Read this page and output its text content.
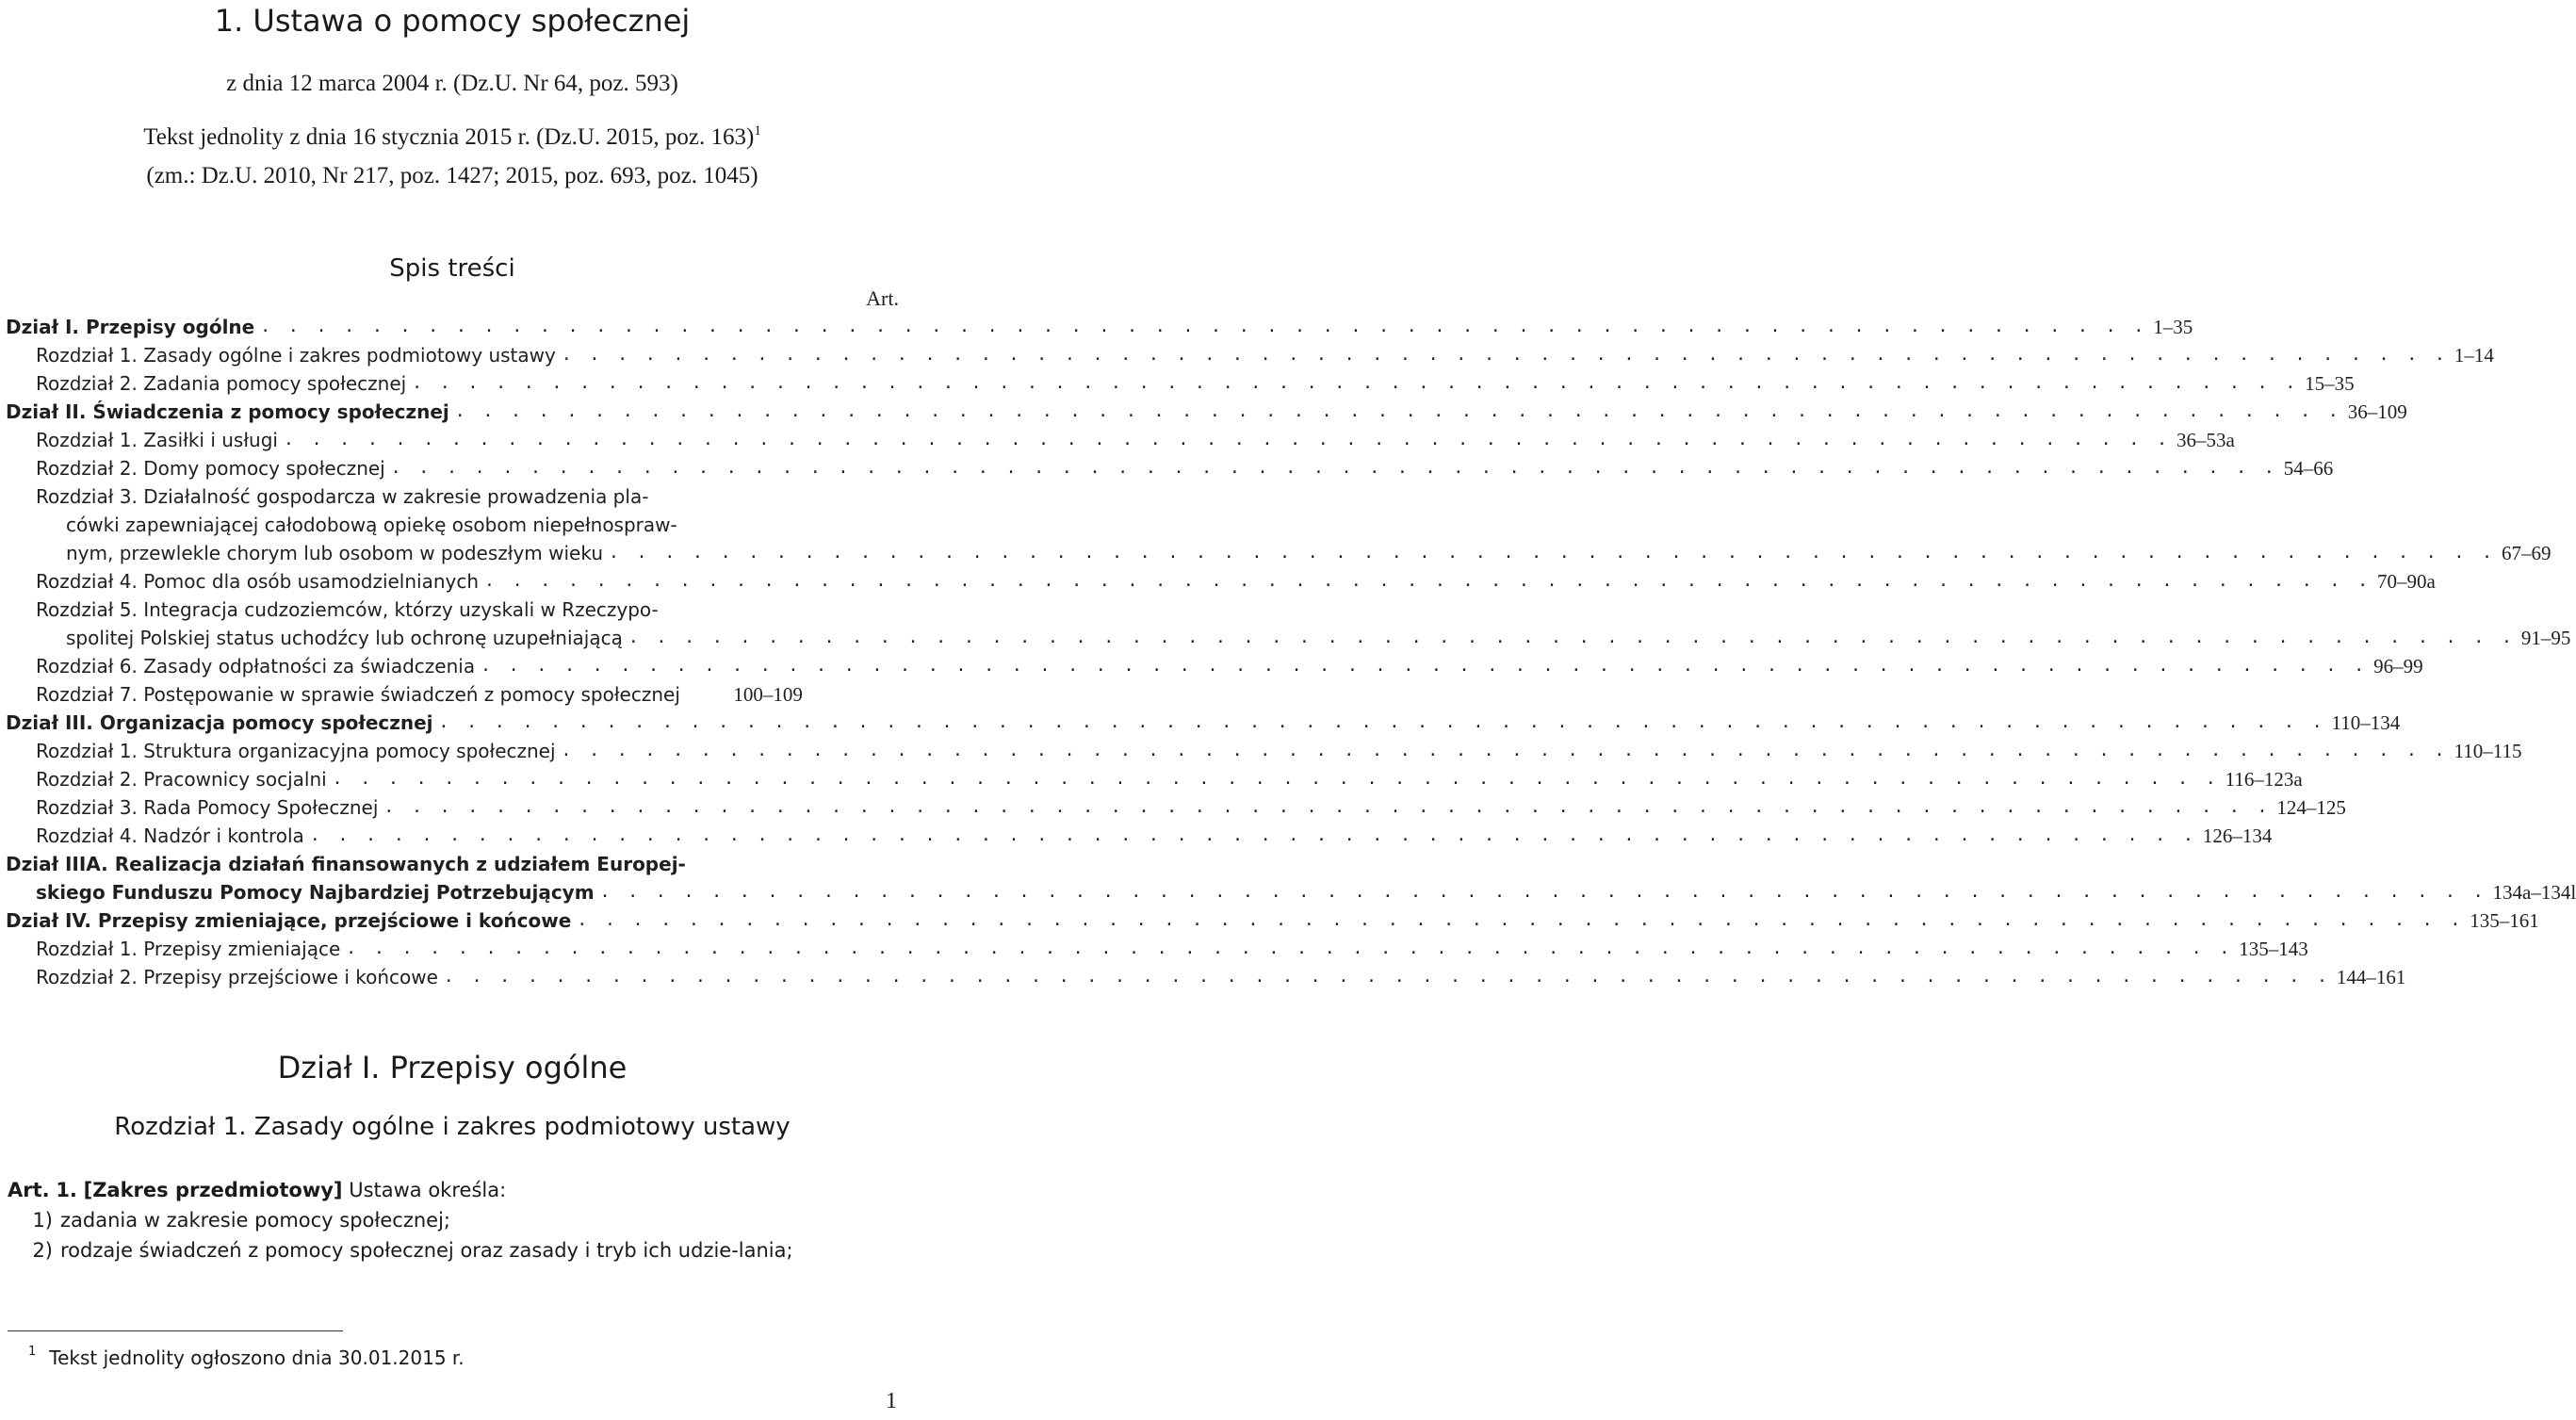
1. Ustawa o pomocy społecznej
z dnia 12 marca 2004 r. (Dz.U. Nr 64, poz. 593)
Tekst jednolity z dnia 16 stycznia 2015 r. (Dz.U. 2015, poz. 163)$^1$
(zm.: Dz.U. 2010, Nr 217, poz. 1427; 2015, poz. 693, poz. 1045)
Spis treści
Art.
Dział I. Przepisy ogólne . . . . . . . . . . . . . . . . . . . . . . . . . . . . . . . . . . . . . . . . . . . . . . . . . . . . . . . . . . . . . . . . . . . . 1–35
Rozdział 1. Zasady ogólne i zakres podmiotowy ustawy . . . . . . . . . . . . . . . . . . . . . . . . . . . . . . . . . . . . . . . . . . . . . . . . . . . . . . . . . . . . . . . . . . . . 1–14
Rozdział 2. Zadania pomocy społecznej . . . . . . . . . . . . . . . . . . . . . . . . . . . . . . . . . . . . . . . . . . . . . . . . . . . . . . . . . . . . . . . . . . . . 15–35
Dział II. Świadczenia z pomocy społecznej . . . . . . . . . . . . . . . . . . . . . . . . . . . . . . . . . . . . . . . . . . . . . . . . . . . . . . . . . . . . . . . . . . . . 36–109
Rozdział 1. Zasiłki i usługi . . . . . . . . . . . . . . . . . . . . . . . . . . . . . . . . . . . . . . . . . . . . . . . . . . . . . . . . . . . . . . . . . . . . 36–53a
Rozdział 2. Domy pomocy społecznej . . . . . . . . . . . . . . . . . . . . . . . . . . . . . . . . . . . . . . . . . . . . . . . . . . . . . . . . . . . . . . . . . . . . 54–66
Rozdział 3. Działalność gospodarcza w zakresie prowadzenia pla-
cówki zapewniającej całodobową opiekę osobom niepełnospraw-
nym, przewlekle chorym lub osobom w podeszłym wieku . . . . . . . . . . . . . . . . . . . . . . . . . . . . . . . . . . . . . . . . . . . . . . . . . . . . . . . . . . . . . . . . . . . . 67–69
Rozdział 4. Pomoc dla osób usamodzielnianych . . . . . . . . . . . . . . . . . . . . . . . . . . . . . . . . . . . . . . . . . . . . . . . . . . . . . . . . . . . . . . . . . . . . 70–90a
Rozdział 5. Integracja cudzoziemców, którzy uzyskali w Rzeczypo-
spolitej Polskiej status uchodźcy lub ochronę uzupełniającą . . . . . . . . . . . . . . . . . . . . . . . . . . . . . . . . . . . . . . . . . . . . . . . . . . . . . . . . . . . . . . . . . . . . 91–95
Rozdział 6. Zasady odpłatności za świadczenia . . . . . . . . . . . . . . . . . . . . . . . . . . . . . . . . . . . . . . . . . . . . . . . . . . . . . . . . . . . . . . . . . . . . 96–99
Rozdział 7. Postępowanie w sprawie świadczeń z pomocy społecznej	100–109
Dział III. Organizacja pomocy społecznej . . . . . . . . . . . . . . . . . . . . . . . . . . . . . . . . . . . . . . . . . . . . . . . . . . . . . . . . . . . . . . . . . . . . 110–134
Rozdział 1. Struktura organizacyjna pomocy społecznej . . . . . . . . . . . . . . . . . . . . . . . . . . . . . . . . . . . . . . . . . . . . . . . . . . . . . . . . . . . . . . . . . . . . 110–115
Rozdział 2. Pracownicy socjalni . . . . . . . . . . . . . . . . . . . . . . . . . . . . . . . . . . . . . . . . . . . . . . . . . . . . . . . . . . . . . . . . . . . . 116–123a
Rozdział 3. Rada Pomocy Społecznej . . . . . . . . . . . . . . . . . . . . . . . . . . . . . . . . . . . . . . . . . . . . . . . . . . . . . . . . . . . . . . . . . . . . 124–125
Rozdział 4. Nadzór i kontrola . . . . . . . . . . . . . . . . . . . . . . . . . . . . . . . . . . . . . . . . . . . . . . . . . . . . . . . . . . . . . . . . . . . . 126–134
Dział IIIA. Realizacja działań finansowanych z udziałem Europej-
skiego Funduszu Pomocy Najbardziej Potrzebującym . . . . . . . . . . . . . . . . . . . . . . . . . . . . . . . . . . . . . . . . . . . . . . . . . . . . . . . . . . . . . . . . . . . . 134a–134l
Dział IV. Przepisy zmieniające, przejściowe i końcowe . . . . . . . . . . . . . . . . . . . . . . . . . . . . . . . . . . . . . . . . . . . . . . . . . . . . . . . . . . . . . . . . . . . . 135–161
Rozdział 1. Przepisy zmieniające . . . . . . . . . . . . . . . . . . . . . . . . . . . . . . . . . . . . . . . . . . . . . . . . . . . . . . . . . . . . . . . . . . . . 135–143
Rozdział 2. Przepisy przejściowe i końcowe . . . . . . . . . . . . . . . . . . . . . . . . . . . . . . . . . . . . . . . . . . . . . . . . . . . . . . . . . . . . . . . . . . . . 144–161
Dział I. Przepisy ogólne
Rozdział 1. Zasady ogólne i zakres podmiotowy ustawy
Art. 1. [Zakres przedmiotowy] Ustawa określa:
1) zadania w zakresie pomocy społecznej;
2) rodzaje świadczeń z pomocy społecznej oraz zasady i tryb ich udzie-lania;
$^1$ Tekst jednolity ogłoszono dnia 30.01.2015 r.
1
